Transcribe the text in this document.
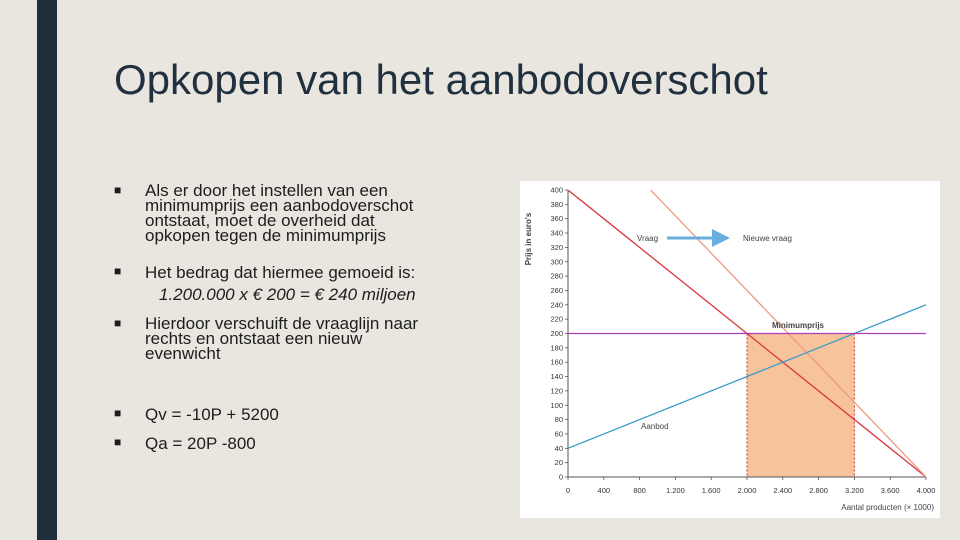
Opkopen van het aanbodoverschot
■ Als er door het instellen van een
minimumprijs een aanbodoverschot
ontstaat, moet de overheid dat
opkopen tegen de minimumprijs
■ Het bedrag dat hiermee gemoeid is:
1.200.000 x € 200 = € 240 miljoen
■ Hierdoor verschuift de vraaglijn naar
rechts en ontstaat een nieuw
evenwicht
■ Qv = -10P + 5200
■ Qa = 20P -800
Prijs in euro's
Aantal producten (× 1000)
0
20
40
60
80
100
120
140
160
180
200
220
240
260
280
300
320
340
360
380
400
0	400	800	1.200 1.600 2.000 2.400 2.800 3.200 3.600 4.000
Vraag	Nieuwe vraag
Aanbod
Minimumprijs
